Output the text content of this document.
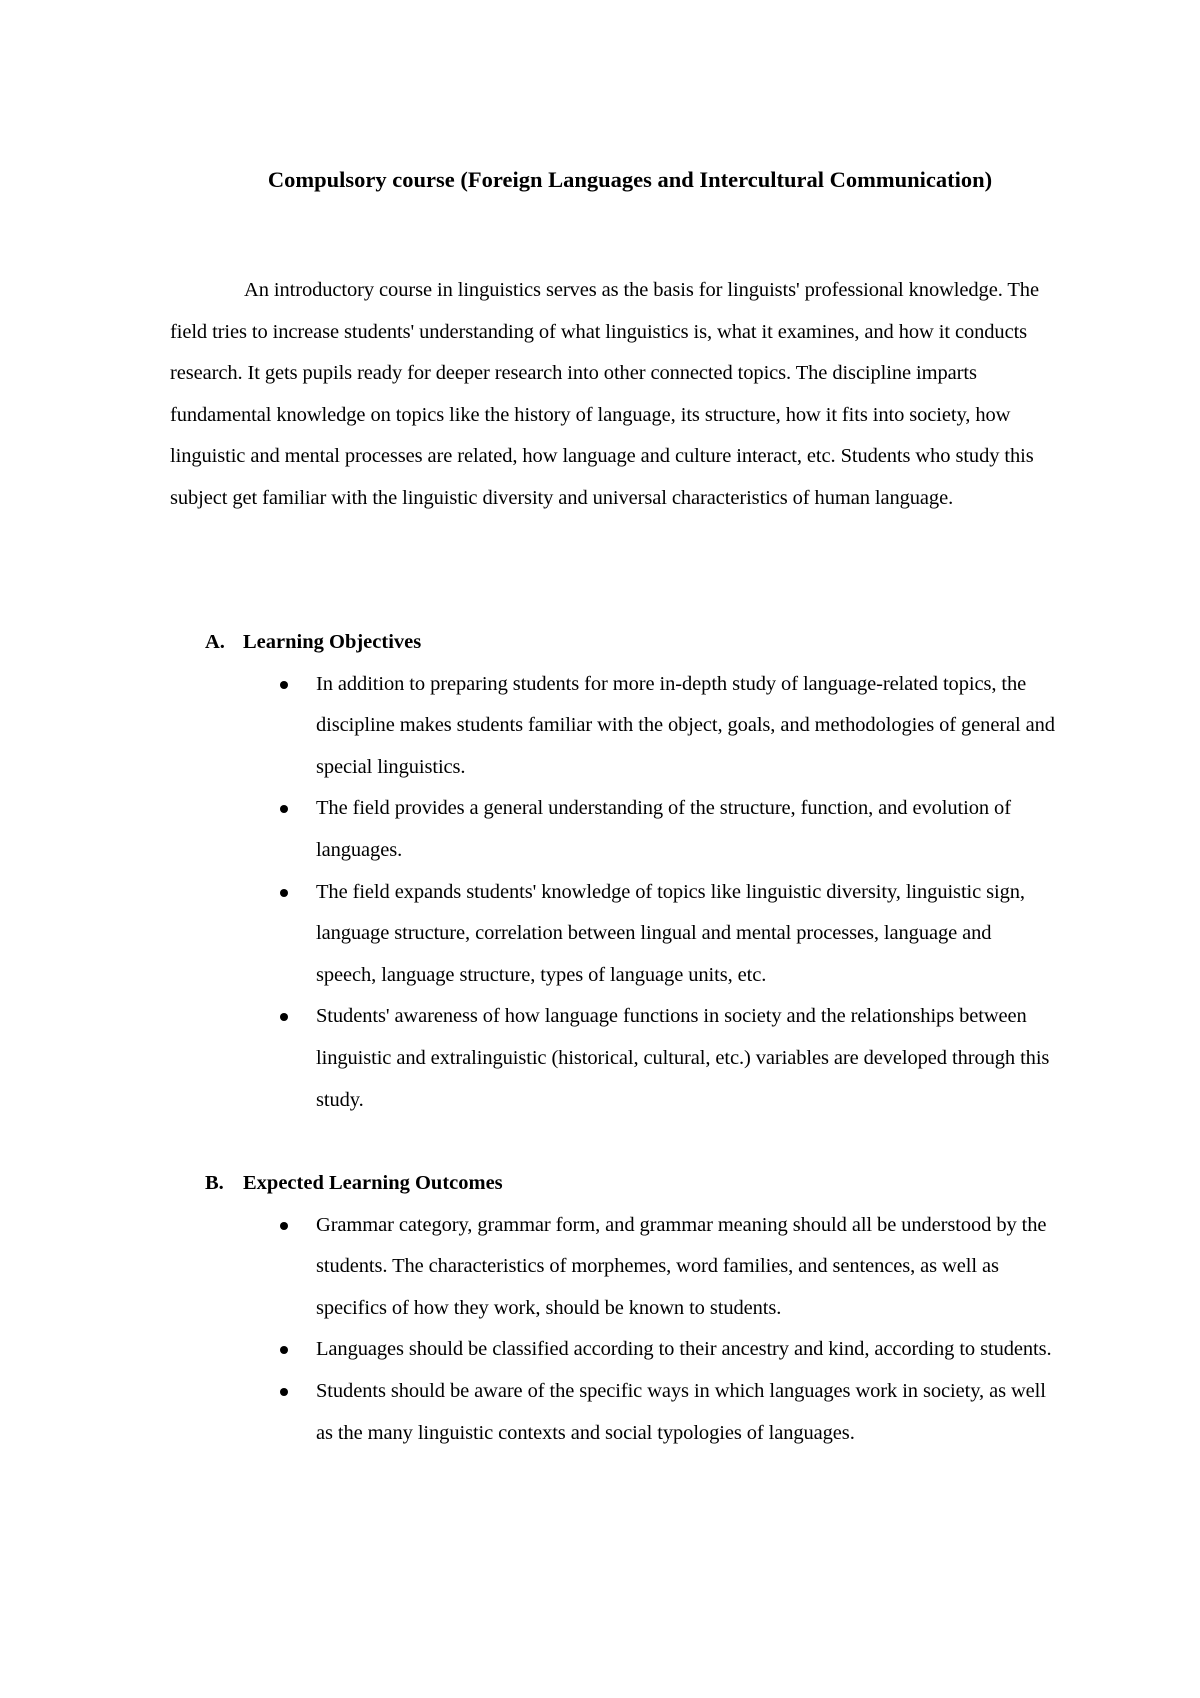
Compulsory course (Foreign Languages and Intercultural Communication)

An introductory course in linguistics serves as the basis for linguists' professional knowledge. The field tries to increase students' understanding of what linguistics is, what it examines, and how it conducts research. It gets pupils ready for deeper research into other connected topics. The discipline imparts fundamental knowledge on topics like the history of language, its structure, how it fits into society, how linguistic and mental processes are related, how language and culture interact, etc. Students who study this subject get familiar with the linguistic diversity and universal characteristics of human language.

A. Learning Objectives
In addition to preparing students for more in-depth study of language-related topics, the discipline makes students familiar with the object, goals, and methodologies of general and special linguistics.
The field provides a general understanding of the structure, function, and evolution of languages.
The field expands students' knowledge of topics like linguistic diversity, linguistic sign, language structure, correlation between lingual and mental processes, language and speech, language structure, types of language units, etc.
Students' awareness of how language functions in society and the relationships between linguistic and extralinguistic (historical, cultural, etc.) variables are developed through this study.
B. Expected Learning Outcomes
Grammar category, grammar form, and grammar meaning should all be understood by the students. The characteristics of morphemes, word families, and sentences, as well as specifics of how they work, should be known to students.
Languages should be classified according to their ancestry and kind, according to students.
Students should be aware of the specific ways in which languages work in society, as well as the many linguistic contexts and social typologies of languages.
